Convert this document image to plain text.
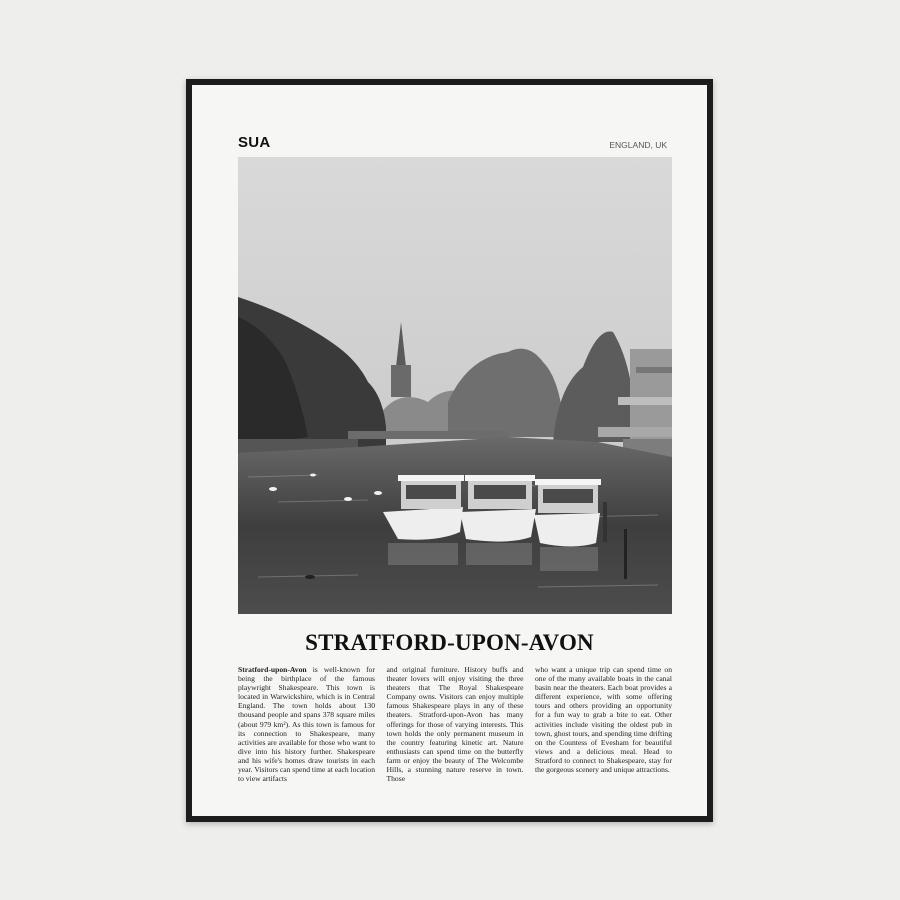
SUA	ENGLAND, UK
STRATFORD-UPON-AVON
Stratford-upon-Avon is well-known for being the birthplace of the famous playwright Shakespeare. This town is located in Warwickshire, which is in Central England. The town holds about 130 thousand people and spans 378 square miles (about 979 km²). As this town is famous for its connection to Shakespeare, many activities are available for those who want to dive into his history further. Shakespeare and his wife's homes draw tourists in each year. Visitors can spend time at each location to view artifacts
and original furniture. History buffs and theater lovers will enjoy visiting the three theaters that The Royal Shakespeare Company owns. Visitors can enjoy multiple famous Shakespeare plays in any of these theaters. Stratford-upon-Avon has many offerings for those of varying interests. This town holds the only permanent museum in the country featuring kinetic art. Nature enthusiasts can spend time on the butterfly farm or enjoy the beauty of The Welcombe Hills, a stunning nature reserve in town. Those
who want a unique trip can spend time on one of the many available boats in the canal basin near the theaters. Each boat provides a different experience, with some offering tours and others providing an opportunity for a fun way to grab a bite to eat. Other activities include visiting the oldest pub in town, ghost tours, and spending time drifting on the Countess of Evesham for beautiful views and a delicious meal. Head to Stratford to connect to Shakespeare, stay for the gorgeous scenery and unique attractions.
